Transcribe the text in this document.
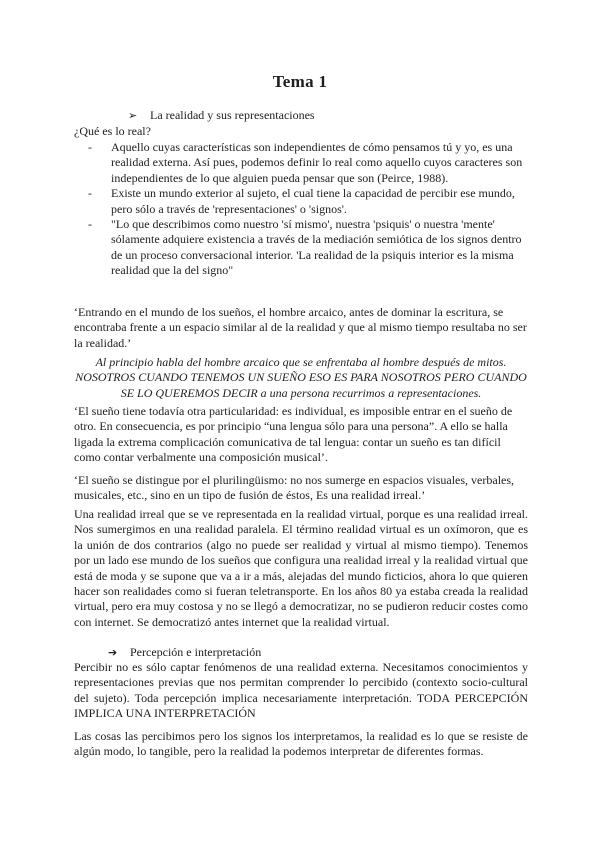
Tema 1
➢ La realidad y sus representaciones
¿Qué es lo real?
- Aquello cuyas características son independientes de cómo pensamos tú y yo, es una realidad externa. Así pues, podemos definir lo real como aquello cuyos caracteres son independientes de lo que alguien pueda pensar que son (Peirce, 1988).
- Existe un mundo exterior al sujeto, el cual tiene la capacidad de percibir ese mundo, pero sólo a través de 'representaciones' o 'signos'.
- "Lo que describimos como nuestro 'sí mismo', nuestra 'psiquis' o nuestra 'mente' sólamente adquiere existencia a través de la mediación semiótica de los signos dentro de un proceso conversacional interior. 'La realidad de la psiquis interior es la misma realidad que la del signo"

‘Entrando en el mundo de los sueños, el hombre arcaico, antes de dominar la escritura, se encontraba frente a un espacio similar al de la realidad y que al mismo tiempo resultaba no ser la realidad.’

Al principio habla del hombre arcaico que se enfrentaba al hombre después de mitos. NOSOTROS CUANDO TENEMOS UN SUEÑO ESO ES PARA NOSOTROS PERO CUANDO SE LO QUEREMOS DECIR a una persona recurrimos a representaciones.

‘El sueño tiene todavía otra particularidad: es individual, es imposible entrar en el sueño de otro. En consecuencia, es por principio “una lengua sólo para una persona”. A ello se halla ligada la extrema complicación comunicativa de tal lengua: contar un sueño es tan difícil como contar verbalmente una composición musical’.

‘El sueño se distingue por el plurilingüismo: no nos sumerge en espacios visuales, verbales, musicales, etc., sino en un tipo de fusión de éstos, Es una realidad irreal.’

Una realidad irreal que se ve representada en la realidad virtual, porque es una realidad irreal. Nos sumergimos en una realidad paralela. El término realidad virtual es un oxímoron, que es la unión de dos contrarios (algo no puede ser realidad y virtual al mismo tiempo). Tenemos por un lado ese mundo de los sueños que configura una realidad irreal y la realidad virtual que está de moda y se supone que va a ir a más, alejadas del mundo ficticios, ahora lo que quieren hacer son realidades como si fueran teletransporte. En los años 80 ya estaba creada la realidad virtual, pero era muy costosa y no se llegó a democratizar, no se pudieron reducir costes como con internet. Se democratizó antes internet que la realidad virtual.

➔ Percepción e interpretación

Percibir no es sólo captar fenómenos de una realidad externa. Necesitamos conocimientos y representaciones previas que nos permitan comprender lo percibido (contexto socio-cultural del sujeto). Toda percepción implica necesariamente interpretación. TODA PERCEPCIÓN IMPLICA UNA INTERPRETACIÓN

Las cosas las percibimos pero los signos los interpretamos, la realidad es lo que se resiste de algún modo, lo tangible, pero la realidad la podemos interpretar de diferentes formas.
